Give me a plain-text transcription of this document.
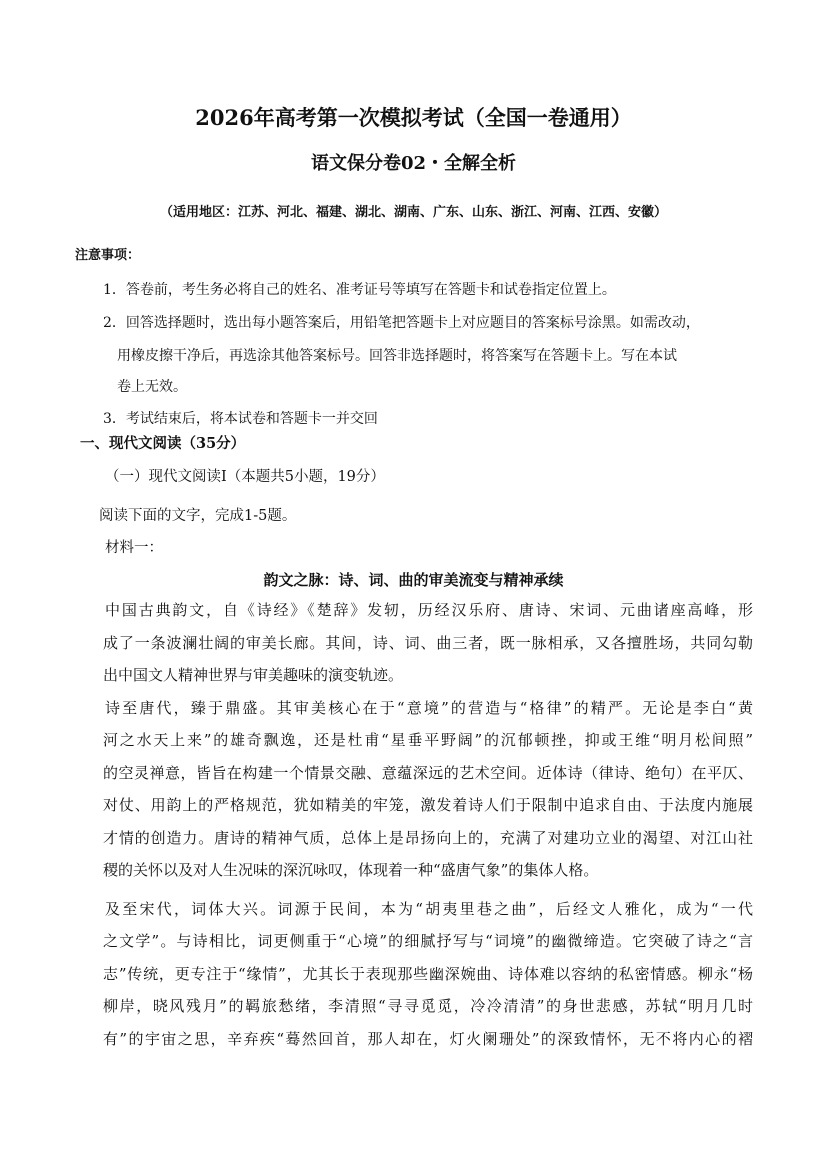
2026年高考第一次模拟考试（全国一卷通用）
语文保分卷02・全解全析
（适用地区：江苏、河北、福建、湖北、湖南、广东、山东、浙江、河南、江西、安徽）
注意事项：
1．答卷前，考生务必将自己的姓名、准考证号等填写在答题卡和试卷指定位置上。
2．回答选择题时，选出每小题答案后，用铅笔把答题卡上对应题目的答案标号涂黑。如需改动，
用橡皮擦干净后，再选涂其他答案标号。回答非选择题时，将答案写在答题卡上。写在本试
卷上无效。
3．考试结束后，将本试卷和答题卡一并交回
一、现代文阅读（35分）
（一）现代文阅读Ⅰ（本题共5小题，19分）
阅读下面的文字，完成1-5题。
材料一：
韵文之脉：诗、词、曲的审美流变与精神承续
中国古典韵文，自《诗经》《楚辞》发轫，历经汉乐府、唐诗、宋词、元曲诸座高峰，形
成了一条波澜壮阔的审美长廊。其间，诗、词、曲三者，既一脉相承，又各擅胜场，共同勾勒
出中国文人精神世界与审美趣味的演变轨迹。
诗至唐代，臻于鼎盛。其审美核心在于“意境”的营造与“格律”的精严。无论是李白“黄
河之水天上来”的雄奇飘逸，还是杜甫“星垂平野阔”的沉郁顿挫，抑或王维“明月松间照”
的空灵禅意，皆旨在构建一个情景交融、意蕴深远的艺术空间。近体诗（律诗、绝句）在平仄、
对仗、用韵上的严格规范，犹如精美的牢笼，激发着诗人们于限制中追求自由、于法度内施展
才情的创造力。唐诗的精神气质，总体上是昂扬向上的，充满了对建功立业的渴望、对江山社
稷的关怀以及对人生况味的深沉咏叹，体现着一种“盛唐气象”的集体人格。
及至宋代，词体大兴。词源于民间，本为“胡夷里巷之曲”，后经文人雅化，成为“一代
之文学”。与诗相比，词更侧重于“心境”的细腻抒写与“词境”的幽微缔造。它突破了诗之“言
志”传统，更专注于“缘情”，尤其长于表现那些幽深婉曲、诗体难以容纳的私密情感。柳永“杨
柳岸，晓风残月”的羁旅愁绪，李清照“寻寻觅觅，冷冷清清”的身世悲感，苏轼“明月几时
有”的宇宙之思，辛弃疾“蓦然回首，那人却在，灯火阑珊处”的深致情怀，无不将内心的褶
